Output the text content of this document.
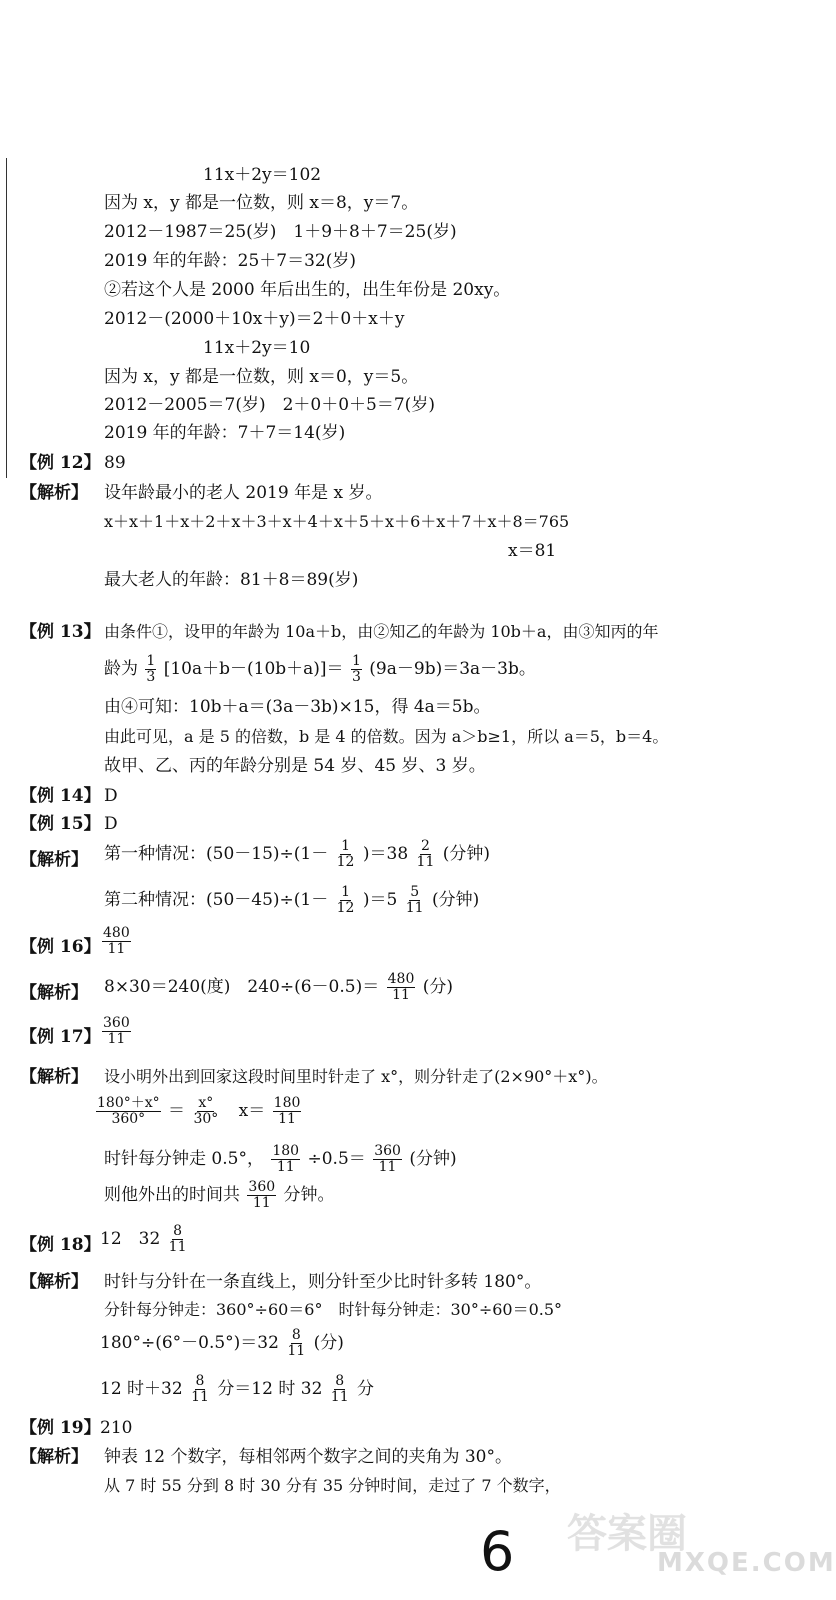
11x＋2y＝102
因为 x，y 都是一位数，则 x＝8，y＝7。
2012－1987＝25(岁)　1＋9＋8＋7＝25(岁)
2019 年的年龄：25＋7＝32(岁)
②若这个人是 2000 年后出生的，出生年份是 20xy。
2012－(2000＋10x＋y)＝2＋0＋x＋y
11x＋2y＝10
因为 x，y 都是一位数，则 x＝0，y＝5。
2012－2005＝7(岁)　2＋0＋0＋5＝7(岁)
2019 年的年龄：7＋7＝14(岁)
【例 12】 89
【解析】 设年龄最小的老人 2019 年是 x 岁。
x＋x＋1＋x＋2＋x＋3＋x＋4＋x＋5＋x＋6＋x＋7＋x＋8＝765
x＝81
最大老人的年龄：81＋8＝89(岁)
【例 13】 由条件①，设甲的年龄为 10a＋b，由②知乙的年龄为 10b＋a，由③知丙的年
龄为 $\frac{1}{3} [10a+b-(10b+a)]= \frac{1}{3} (9a-9b)=3a-3b$。
由④可知：10b＋a＝(3a－3b)×15，得 4a＝5b。
由此可见，a 是 5 的倍数，b 是 4 的倍数。因为 a＞b≥1，所以 a＝5，b＝4。
故甲、乙、丙的年龄分别是 54 岁、45 岁、3 岁。
【例 14】 D
【例 15】 D
【解析】 第一种情况：$(50-15)\div(1- \frac{1}{12} )=38 \frac{2}{11}$ (分钟)
第二种情况：$(50-45)\div(1- \frac{1}{12} )=5 \frac{5}{11}$ (分钟)
【例 16】 $\frac{480}{11}$
【解析】 8×30＝240(度)　$240\div(6-0.5)= \frac{480}{11}$ (分)
【例 17】 $\frac{360}{11}$
【解析】 设小明外出到回家这段时间里时针走了 x°，则分针走了(2×90°＋x°)。
$\frac{180^\circ+x^\circ}{360^\circ} = \frac{x^\circ}{30^\circ} x= \frac{180}{11}$
时针每分钟走 0.5°， $\frac{180}{11} \div 0.5= \frac{360}{11}$ (分钟)
则他外出的时间共 $\frac{360}{11}$ 分钟。
【例 18】 12　$32 \frac{8}{11}$
【解析】 时针与分针在一条直线上，则分针至少比时针多转 180°。
分针每分钟走：360°÷60＝6°　时针每分钟走：30°÷60＝0.5°
$180^\circ\div(6^\circ-0.5^\circ)=32 \frac{8}{11}$ (分)
12 时$+32 \frac{8}{11}$ 分＝12 时 $32 \frac{8}{11}$ 分
【例 19】 210
【解析】 钟表 12 个数字，每相邻两个数字之间的夹角为 30°。
从 7 时 55 分到 8 时 30 分有 35 分钟时间，走过了 7 个数字，
6 答案圈
MXQE.COM
